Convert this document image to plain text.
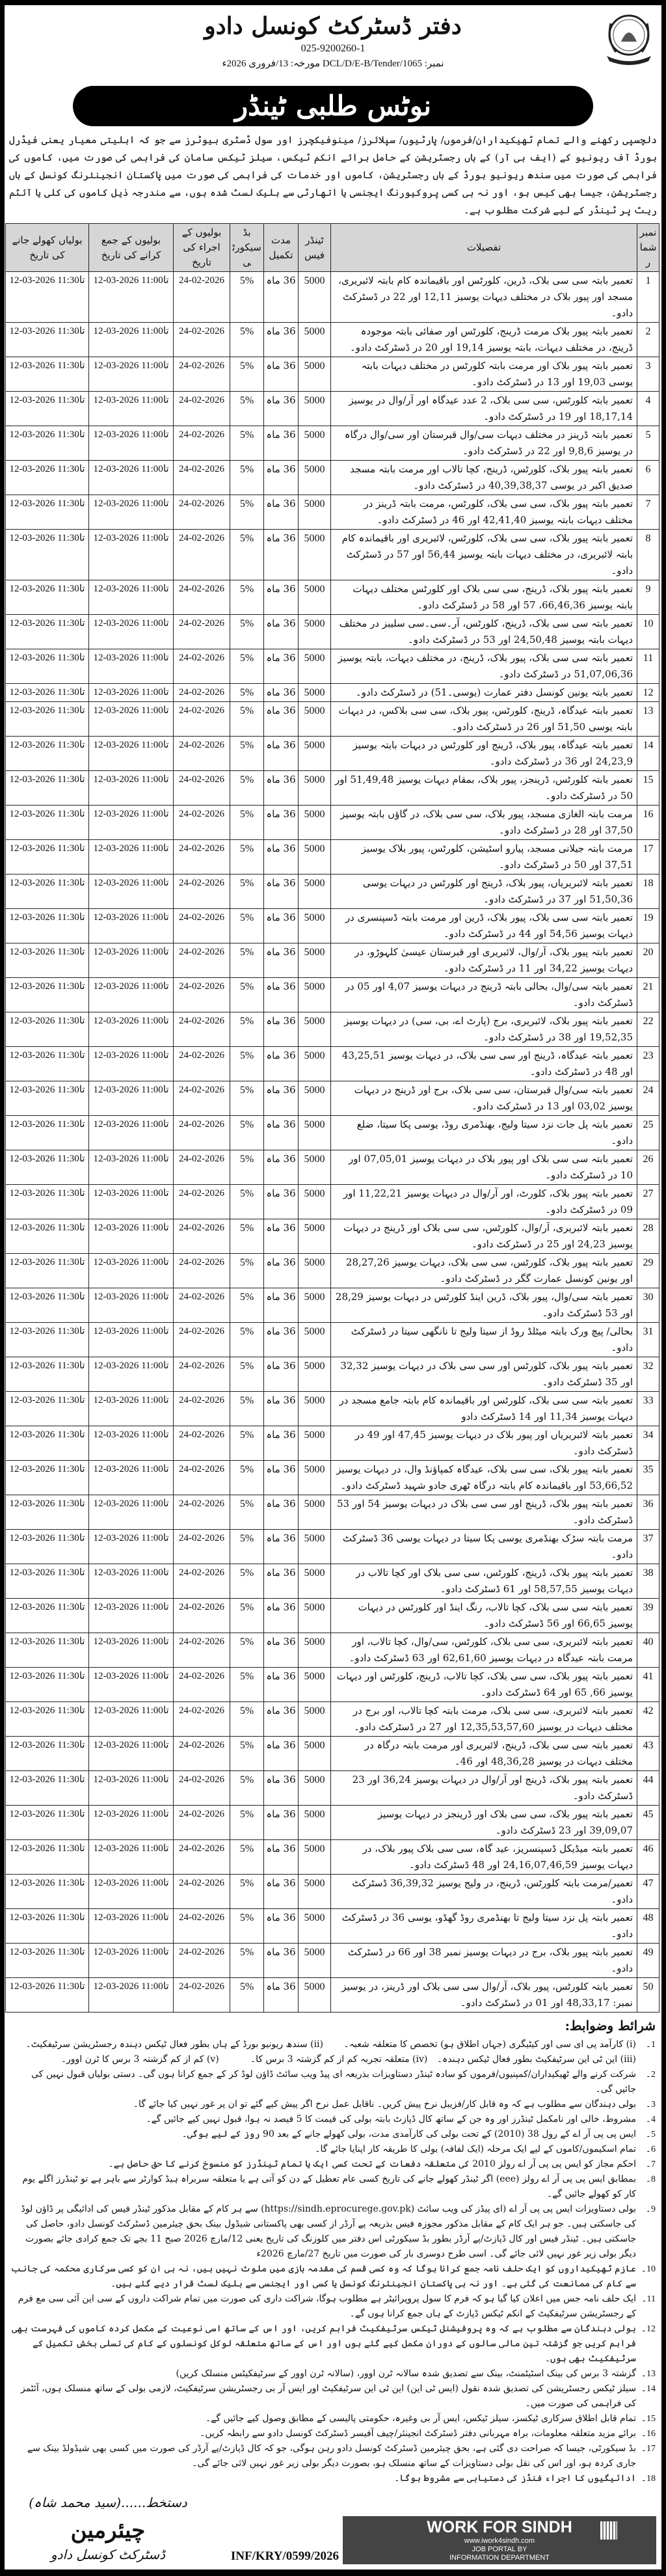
دفتر ڈسٹرکٹ کونسل دادو
025-9200260-1
نمبر: DCL/D/E-B/Tender/1065 مورخہ: 13/فروری 2026ء
نوٹس طلبی ٹینڈر
دلچسپی رکھنے والے تمام ٹھیکیداران/فرموں/ پارٹیوں/ سپلائرز/ مینوفیکچرز اور سول ڈسٹری بیوٹرز سے جو کہ اہلیتی معیار یعنی فیڈرل بورڈ آف ریونیو کے (ایف بی آر) کے ہاں رجسٹریشن کے حامل برائے انکم ٹیکس، سیلز ٹیکس سامان کی فراہمی کی صورت میں، کاموں کی فراہمی کی صورت میں سندھ ریونیو بورڈ کے ہاں رجسٹریشن، کاموں اور خدمات کی فراہمی کی صورت میں پاکستان انجینئرنگ کونسل کے ہاں رجسٹریشن، جیسا بھی کیس ہو، اور نہ ہی کسی پروکیورنگ ایجنسی یا اتھارٹی سے بلیک لسٹ شدہ ہوں، سے مندرجہ ذیل کاموں کی کلی یا آئٹم ریٹ پر ٹینڈر کے لیے شرکت مطلوب ہے۔
نمبر شمار	تفصیلات	ٹینڈر فیس	مدت تکمیل	بڈ سیکورٹی	بولیوں کے اجراء کی تاریخ	بولیوں کے جمع کرانے کی تاریخ	بولیاں کھولے جانے کی تاریخ
1	تعمیر بابتہ سی سی بلاک، ڈرین، کلورٹس اور باقیماندہ کام بابتہ لائبریری، مسجد اور پیور بلاک در مختلف دیہات یوسیز 12,11 اور 22 در ڈسٹرکٹ دادو۔	5000	36 ماہ	5%	24-02-2026	12-03-2026 11:00تا	12-03-2026 11:30تا
2	تعمیر بابتہ پیور بلاک مرمت ڈرینج، کلورٹس اور صفائی بابتہ موجودہ ڈرینج، در مختلف دیہات، بابتہ یوسیز 19,14 اور 20 در ڈسٹرکٹ دادو۔	5000	36 ماہ	5%	24-02-2026	12-03-2026 11:00تا	12-03-2026 11:30تا
3	تعمیر بابتہ پیور بلاک اور مرمت بابتہ کلورٹس در مختلف دیہات بابتہ یوسی 19,03 اور 13 در ڈسٹرکٹ دادو۔	5000	36 ماہ	5%	24-02-2026	12-03-2026 11:00تا	12-03-2026 11:30تا
4	تعمیر بابتہ کلورٹس، سی سی بلاک، 2 عدد عیدگاہ اور آر/وال در یوسیز 18,17,14 اور 19 در ڈسٹرکٹ دادو۔	5000	36 ماہ	5%	24-02-2026	12-03-2026 11:00تا	12-03-2026 11:30تا
5	تعمیر بابتہ ڈرینز در مختلف دیہات سی/وال قبرستان اور سی/وال درگاہ در یوسیز 9,8,6 اور 22 در ڈسٹرکٹ دادو۔	5000	36 ماہ	5%	24-02-2026	12-03-2026 11:00تا	12-03-2026 11:30تا
6	تعمیر بابتہ پیور بلاک، کلورٹس، ڈرینج، کچا تالاب اور مرمت بابتہ مسجد صدیق اکبر در یوسی 40,39,38,37 در ڈسٹرکٹ دادو۔	5000	36 ماہ	5%	24-02-2026	12-03-2026 11:00تا	12-03-2026 11:30تا
7	تعمیر بابتہ پیور بلاک، سی سی بلاک، کلورٹس، مرمت بابتہ ڈرینز در مختلف دیہات بابتہ یوسیز 42,41,40 اور 46 در ڈسٹرکٹ دادو۔	5000	36 ماہ	5%	24-02-2026	12-03-2026 11:00تا	12-03-2026 11:30تا
8	تعمیر بابتہ پیور بلاک، سی سی بلاک، کلورٹس، لائبریری اور باقیماندہ کام بابتہ لائبریری، در مختلف دیہات بابتہ یوسیز 56,44 اور 57 در ڈسٹرکٹ دادو۔	5000	36 ماہ	5%	24-02-2026	12-03-2026 11:00تا	12-03-2026 11:30تا
9	تعمیر بابتہ پیور بلاک، ڈرینج، سی سی بلاک اور کلورٹس مختلف دیہات بابتہ یوسیز 66,46,36، 57 اور 58 در ڈسٹرکٹ دادو۔	5000	36 ماہ	5%	24-02-2026	12-03-2026 11:00تا	12-03-2026 11:30تا
10	تعمیر بابتہ سی سی بلاک، ڈرینج، کلورٹس، آر۔سی۔سی سلیبز در مختلف دیہات بابتہ یوسیز 24,50,48 اور 53 در ڈسٹرکٹ دادو۔	5000	36 ماہ	5%	24-02-2026	12-03-2026 11:00تا	12-03-2026 11:30تا
11	تعمیر بابتہ سی سی بلاک، پیور بلاک، ڈرینج، در مختلف دیہات، بابتہ یوسیز 51,07,06,36 در ڈسٹرکٹ دادو۔	5000	36 ماہ	5%	24-02-2026	12-03-2026 11:00تا	12-03-2026 11:30تا
12	تعمیر بابتہ یونین کونسل دفتر عمارت (یوسی۔51) در ڈسٹرکٹ دادو۔	5000	36 ماہ	5%	24-02-2026	12-03-2026 11:00تا	12-03-2026 11:30تا
13	تعمیر بابتہ عیدگاہ، ڈرینج، کلورٹس، پیور بلاک، سی سی بلاکس، در دیہات بابتہ یوسی 51,50 اور 26 در ڈسٹرکٹ دادو۔	5000	36 ماہ	5%	24-02-2026	12-03-2026 11:00تا	12-03-2026 11:30تا
14	تعمیر بابتہ عیدگاہ، پیور بلاک، ڈرینج اور کلورٹس در دیہات بابتہ یوسیز 24,23,9 اور 36 در ڈسٹرکٹ دادو۔	5000	36 ماہ	5%	24-02-2026	12-03-2026 11:00تا	12-03-2026 11:30تا
15	تعمیر بابتہ کلورٹس، ڈرینجز، پیور بلاک، بمقام دیہات یوسیز 51,49,48 اور 50 در ڈسٹرکٹ دادو۔	5000	36 ماہ	5%	24-02-2026	12-03-2026 11:00تا	12-03-2026 11:30تا
16	مرمت بابتہ الغازی مسجد، پیور بلاک، سی سی بلاک، در گاؤں بابتہ یوسیز 37,50 اور 28 در ڈسٹرکٹ دادو۔	5000	36 ماہ	5%	24-02-2026	12-03-2026 11:00تا	12-03-2026 11:30تا
17	مرمت بابتہ جیلانی مسجد، پیارو اسٹیشن، کلورٹس، پیور بلاک یوسیز 37,51 اور 50 در ڈسٹرکٹ دادو۔	5000	36 ماہ	5%	24-02-2026	12-03-2026 11:00تا	12-03-2026 11:30تا
18	تعمیر بابتہ لائبریریاں، پیور بلاک، ڈرینج اور کلورٹس در دیہات یوسی 51,50,36 اور 37 در ڈسٹرکٹ دادو۔	5000	36 ماہ	5%	24-02-2026	12-03-2026 11:00تا	12-03-2026 11:30تا
19	تعمیر بابتہ سی سی بلاک، پیور بلاک، ڈرین اور مرمت بابتہ ڈسپنسری در دیہات یوسیز 54,56 اور 44 در ڈسٹرکٹ دادو۔	5000	36 ماہ	5%	24-02-2026	12-03-2026 11:00تا	12-03-2026 11:30تا
20	تعمیر بابتہ پیور بلاک، آر/وال، لائبریری اور قبرستان عیسیٰ کلہوڑو، در دیہات یوسیز 34,22 اور 11 در ڈسٹرکٹ دادو۔	5000	36 ماہ	5%	24-02-2026	12-03-2026 11:00تا	12-03-2026 11:30تا
21	تعمیر بابتہ سی/وال، بحالی بابتہ ڈرینج در دیہات یوسیز 4,07 اور 05 در ڈسٹرکٹ دادو۔	5000	36 ماہ	5%	24-02-2026	12-03-2026 11:00تا	12-03-2026 11:30تا
22	تعمیر بابتہ پیور بلاک، لائبریری، برج (پارٹ اے، بی، سی) در دیہات یوسیز 19,52,35 اور 38 در ڈسٹرکٹ دادو۔	5000	36 ماہ	5%	24-02-2026	12-03-2026 11:00تا	12-03-2026 11:30تا
23	تعمیر بابتہ عیدگاہ، ڈرینج اور سی سی بلاک، در دیہات یوسیز 43,25,51 اور 48 در ڈسٹرکٹ دادو۔	5000	36 ماہ	5%	24-02-2026	12-03-2026 11:00تا	12-03-2026 11:30تا
24	تعمیر بابتہ سی/وال قبرستان، سی سی بلاک، برج اور ڈرینج در دیہات یوسیز 03,02 اور 13 در ڈسٹرکٹ دادو۔	5000	36 ماہ	5%	24-02-2026	12-03-2026 11:00تا	12-03-2026 11:30تا
25	تعمیر بابتہ پل جات نزد سیتا ولیج، بھنڈمری روڈ، یوسی پکا سیتا، ضلع دادو۔	5000	36 ماہ	5%	24-02-2026	12-03-2026 11:00تا	12-03-2026 11:30تا
26	تعمیر بابتہ سی سی بلاک اور پیور بلاک در دیہات یوسیز 07,05,01 اور 10 در ڈسٹرکٹ دادو۔	5000	36 ماہ	5%	24-02-2026	12-03-2026 11:00تا	12-03-2026 11:30تا
27	تعمیر بابتہ پیور بلاک، کلورٹ، اور آر/وال در دیہات یوسیز 11,22,21 اور 09 در ڈسٹرکٹ دادو۔	5000	36 ماہ	5%	24-02-2026	12-03-2026 11:00تا	12-03-2026 11:30تا
28	تعمیر بابتہ لائبریری، آر/وال، کلورٹس، سی سی بلاک اور ڈرینج در دیہات یوسیز 24,23 اور 25 در ڈسٹرکٹ دادو۔	5000	36 ماہ	5%	24-02-2026	12-03-2026 11:00تا	12-03-2026 11:30تا
29	تعمیر بابتہ پیور بلاک، کلورٹس، سی سی بلاک، دیہات یوسیز 28,27,26 اور یونین کونسل عمارت گگر در ڈسٹرکٹ دادو۔	5000	36 ماہ	5%	24-02-2026	12-03-2026 11:00تا	12-03-2026 11:30تا
30	تعمیر بابتہ سی/وال، پیور بلاک، ڈرین اینڈ کلورٹس در دیہات یوسیز 28,29 اور 53 ڈسٹرکٹ دادو۔	5000	36 ماہ	5%	24-02-2026	12-03-2026 11:00تا	12-03-2026 11:30تا
31	بحالی/ پیچ ورک بابتہ میٹلڈ روڈ از سیتا ولیج تا نانگھی سیتا در ڈسٹرکٹ دادو۔	5000	36 ماہ	5%	24-02-2026	12-03-2026 11:00تا	12-03-2026 11:30تا
32	تعمیر بابتہ پیور بلاک، کلورٹس اور سی سی بلاک در دیہات یوسیز 32,32 اور 35 ڈسٹرکٹ دادو۔	5000	36 ماہ	5%	24-02-2026	12-03-2026 11:00تا	12-03-2026 11:30تا
33	تعمیر بابتہ سی سی بلاک، کلورٹس اور باقیماندہ کام بابتہ جامع مسجد در دیہات یوسیز 11,34 اور 14 ڈسٹرکٹ دادو	5000	36 ماہ	5%	24-02-2026	12-03-2026 11:00تا	12-03-2026 11:30تا
34	تعمیر بابتہ لائبریریاں اور پیور بلاک در دیہات یوسیز 47,45 اور 49 در ڈسٹرکٹ دادو۔	5000	36 ماہ	5%	24-02-2026	12-03-2026 11:00تا	12-03-2026 11:30تا
35	تعمیر بابتہ پیور بلاک، سی سی بلاک، عیدگاہ کمپاؤنڈ وال، در دیہات یوسیز 53,66,52 اور باقیماندہ کام بابتہ درگاہ ٹھری جادو شہید ڈسٹرکٹ دادو۔	5000	36 ماہ	5%	24-02-2026	12-03-2026 11:00تا	12-03-2026 11:30تا
36	تعمیر بابتہ پیور بلاک، ڈرینج اور سی سی بلاک در دیہات یوسیز 54 اور 53 ڈسٹرکٹ دادو۔	5000	36 ماہ	5%	24-02-2026	12-03-2026 11:00تا	12-03-2026 11:30تا
37	مرمت بابتہ سڑک بھنڈمری یوسی پکا سیتا در دیہات یوسی 36 ڈسٹرکٹ دادو۔	5000	36 ماہ	5%	24-02-2026	12-03-2026 11:00تا	12-03-2026 11:30تا
38	تعمیر بابتہ پیور بلاک، ڈرینج، کلورٹس، سی سی بلاک اور کچا تالاب در دیہات یوسیز 58,57,55 اور 61 ڈسٹرکٹ دادو۔	5000	36 ماہ	5%	24-02-2026	12-03-2026 11:00تا	12-03-2026 11:30تا
39	تعمیر بابتہ سی سی بلاک، کچا تالاب، رنگ اینڈ اور کلورٹس در دیہات یوسیز 66,65 اور 56 ڈسٹرکٹ دادو۔	5000	36 ماہ	5%	24-02-2026	12-03-2026 11:00تا	12-03-2026 11:30تا
40	تعمیر بابتہ لائبریری، سی سی بلاک، کلورٹس، سی/وال، کچا تالاب، اور مرمت بابتہ عیدگاہ در دیہات یوسیز 62,61,60 اور 63 ڈسٹرکٹ دادو۔	5000	36 ماہ	5%	24-02-2026	12-03-2026 11:00تا	12-03-2026 11:30تا
41	تعمیر بابتہ پیور بلاک، سی سی بلاک، کچا تالاب، ڈرینج، کلورٹس اور دیہات یوسیز 66, 65 اور 64 ڈسٹرکٹ دادو۔	5000	36 ماہ	5%	24-02-2026	12-03-2026 11:00تا	12-03-2026 11:30تا
42	تعمیر بابتہ لائبریری، سی سی بلاک، مرمت بابتہ کچا تالاب، اور برج در مختلف دیہات در یوسیز 12,35,53,57,60 اور 27 در ڈسٹرکٹ دادو۔	5000	36 ماہ	5%	24-02-2026	12-03-2026 11:00تا	12-03-2026 11:30تا
43	تعمیر بابتہ سی سی بلاک، ڈرینج، لائبریری اور مرمت بابتہ درگاہ در مختلف دیہات در یوسیز 48,36,28 اور 46۔	5000	36 ماہ	5%	24-02-2026	12-03-2026 11:00تا	12-03-2026 11:30تا
44	تعمیر بابتہ پیور بلاک، ڈرینج اور آر/وال در دیہات یوسیز 36,24 اور 23 ڈسٹرکٹ دادو۔	5000	36 ماہ	5%	24-02-2026	12-03-2026 11:00تا	12-03-2026 11:30تا
45	تعمیر بابتہ پیور بلاک، سی سی بلاک اور ڈرینجز در دیہات یوسیز 39,09,07 اور 23 ڈسٹرکٹ دادو۔	5000	36 ماہ	5%	24-02-2026	12-03-2026 11:00تا	12-03-2026 11:30تا
46	تعمیر بابتہ میڈیکل ڈسپنسریز، عید گاہ، سی سی بلاک پیور بلاک، در دیہات یوسیز 24,16,07,46,59 اور 48 ڈسٹرکٹ دادو۔	5000	36 ماہ	5%	24-02-2026	12-03-2026 11:00تا	12-03-2026 11:30تا
47	تعمیر/مرمت بابتہ کلورٹس، ڈرینج، در ولیج یوسیز 36,39,32 ڈسٹرکٹ دادو۔	5000	36 ماہ	5%	24-02-2026	12-03-2026 11:00تا	12-03-2026 11:30تا
48	تعمیر بابتہ پل نزد سیتا ولیج تا بھنڈمری روڈ گھڈو، یوسی 36 در ڈسٹرکٹ دادو۔	5000	36 ماہ	5%	24-02-2026	12-03-2026 11:00تا	12-03-2026 11:30تا
49	تعمیر بابتہ پیور بلاک، برج در دیہات یوسیز نمبر 38 اور 66 در ڈسٹرکٹ دادو۔	5000	36 ماہ	5%	24-02-2026	12-03-2026 11:00تا	12-03-2026 11:30تا
50	تعمیر بابتہ کلورٹس، پیور بلاک، آر/وال سی سی بلاک اور ڈرینز، در یوسیز نمبر: 48,33,17 اور 01 در ڈسٹرکٹ دادو۔	5000	36 ماہ	5%	24-02-2026	12-03-2026 11:00تا	12-03-2026 11:30تا
شرائط وضوابط:
1۔
(i) کارآمد پی ای سی اور کیٹیگری (جہاں اطلاق ہو) تخصص کا متعلقہ شعبہ۔
(ii) سندھ ریونیو بورڈ کے ہاں بطور فعال ٹیکس دہندہ رجسٹریشن سرٹیفکیٹ۔
(iii) این ٹی این سرٹیفکیٹ بطور فعال ٹیکس دہندہ۔
(iv) متعلقہ تجربہ کم از کم گزشتہ 3 برس کا۔
(v) کم از کم گزشتہ 3 برس کا ٹرن اوور۔
2۔
شرکت کرنے والے ٹھیکیداران/کمپنیوں/فرموں کو سادہ ٹینڈر دستاویزات بذریعہ ای پیڈ ویب سائٹ ڈاؤن لوڈ کر کے جمع کرانا ہوں گی۔ دستی بولیاں قبول نہیں کی جائیں گی۔
3۔
بولی دہندگان سے مطلوب ہے کہ وہ قابل کار/فزیبل نرخ پیش کریں۔ ناقابل عمل نرخ اگر پیش کیے گئے تو ان پر غور نہیں کیا جائے گا۔
4۔
مشروط، خالی اور نامکمل ٹینڈرز اور وہ جن کے ساتھ کال ڈپازٹ بابتہ بولی کی قیمت کا 5 فیصد نہ ہوا، قبول نہیں کیے جائیں گے۔
5۔
ایس پی پی آر اے کے رول 38 (2010) کے تحت بولی کی کارآمدی مدت، بولی کھولے جانے کے بعد 90 روز کے لیے ہوگی۔
6۔
تمام اسکیموں/کاموں کے لیے ایک مرحلہ (ایک لفافہ) بولی کا طریقہ کار اپنایا جائے گا۔
7۔
احکم مجاز کو ایس پی پی آر اے رولز 2010 کی متعلقہ دفعات کے تحت کسی ایک یا تمام ٹینڈرز کو منسوخ کرنے کا حق حاصل ہے۔
8۔
بمطابق ایس پی پی آر اے رولز (eee) اگر ٹینڈر کھولے جانے کی تاریخ کسی عام تعطیل کے دن کو آتی ہے یا متعلقہ سربراہ ہیڈ کوارٹر سے باہر ہے تو ٹینڈرز اگلے یوم کار کو کھولے جائیں گے۔
9۔
بولی دستاویزات ایس پی پی آر اے (ای پیڈز کی ویب سائٹ (https://sindh.eprocuregе.gov.pk) سے ہر کام کے مقابل مذکور ٹینڈر فیس کی ادائیگی پر ڈاؤن لوڈ کی جاسکتی ہیں۔ جو ہر ایک کام کے مقابل مذکور مجوزہ فیس بذریعہ پے آرڈر از کسی بھی پاکستانی شیڈول بینک بحق چیئرمین ڈسٹرکٹ کونسل دادو، حاصل کی جاسکتی ہیں۔ ٹینڈر فیس اور کال ڈپازٹ/پے آرڈر بطور بڈ سیکورٹی اس دفتر میں کلوزنگ کی تاریخ یعنی 12/مارچ 2026 صبح 11 بجے تک جمع کرادی جائے بصورت دیگر بولی زیر غور نہیں لائی جائے گی۔ اسی طرح دوسری بار کی صورت میں تاریخ 27/مارچ 2026ء
10۔
عازم ٹھیکیداروں کو ایک حلف نامہ جمع کرانا ہوگا کہ وہ کسی قسم کی مقدمہ بازی میں ملوث نہیں ہیں، نہ ہی ان کو کسی سرکاری محکمہ کی جانب سے کام کی ممانعت کی گئی ہے۔ اور نہ ہی پاکستان انجینئرنگ کونسل یا کسی اور ایجنسی سے بلیک لسٹ قرار دیے گئے ہیں۔
11۔
ایک حلف نامہ جس میں اعلان کیا گیا ہو کہ فرم کا سول پروپرائیٹر ہے مطلوب ہوگا، شراکت داری کی صورت میں تمام شراکت داروں کے سی این آئی سی مع فرم کے رجسٹریشن سرٹیفکیٹ کے انکم ٹیکس ڈپازٹ کے ہاں جمع کرانا ہوں گے۔
12۔
بولی دہندگان سے مطلوب ہے کہ وہ پروفیشنل ٹیکس سرٹیفکیٹ فراہم کریں، اور اس کے ساتھ اسی نوعیت کے مکمل کردہ کاموں کی فہرست بھی فراہم کریں جو گزشتہ تین مالی سالوں کے دوران مکمل کیے گئے ہوں اور اس کے ساتھ متعلقہ لوکل کونسلوں کے کام کی تسلی بخش تکمیل کے سرٹیفکیٹ بھی ہوں۔
13۔
گزشتہ 3 برس کی بینک اسٹیٹمنٹ، بینک سے تصدیق شدہ سالانہ ٹرن اوور، (سالانہ ٹرن اوور کے سرٹیفکیٹس منسلک کریں)
14۔
سیلز ٹیکس رجسٹریشن کی تصدیق شدہ نقول (ایس ٹی این) این ٹی این سرٹیفکیٹ اور ایس آر بی رجسٹریشن سرٹیفکیٹ، لازمی بولی کے ساتھ منسلک ہوں، آئٹمز کی فراہمی کی صورت میں۔
15۔
تمام قابل اطلاق سرکاری ٹیکسز، سیلز ٹیکس، ایس آر بی وغیرہ، حکومتی پالیسی کے مطابق وصول کیے جائیں گے۔
16۔
برائے مزید متعلقہ معلومات، براہ مہربانی دفتر ڈسٹرکٹ انجینئر/چیف آفیسر ڈسٹرکٹ کونسل دادو سے رابطہ کریں۔
17۔
بڈ سیکورٹی، جیسا کہ صراحت دی گئی ہے، بحق چیئرمین ڈسٹرکٹ کونسل دادو رہن ہوگی، جو کہ کال ڈپازٹ/پے آرڈر کی صورت میں کسی بھی شیڈولڈ بینک سے جاری کردہ ہو، اور اس کی نقل بولی دستاویزات کے ساتھ منسلک ہو، بصورت دیگر بولی زیر غور نہیں لائی جائے گی۔
18۔
ادائیگیوں کا اجراء فنڈز کی دستیابی سے مشروط ہوگا۔
دستخط......(سید محمد شاہ)
چیئرمین
ڈسٹرکٹ کونسل دادو	INF/KRY/0599/2026
WORK FOR SINDH
www.iwork4sindh.com
JOB PORTAL BY
INFORMATION DEPARTMENT
